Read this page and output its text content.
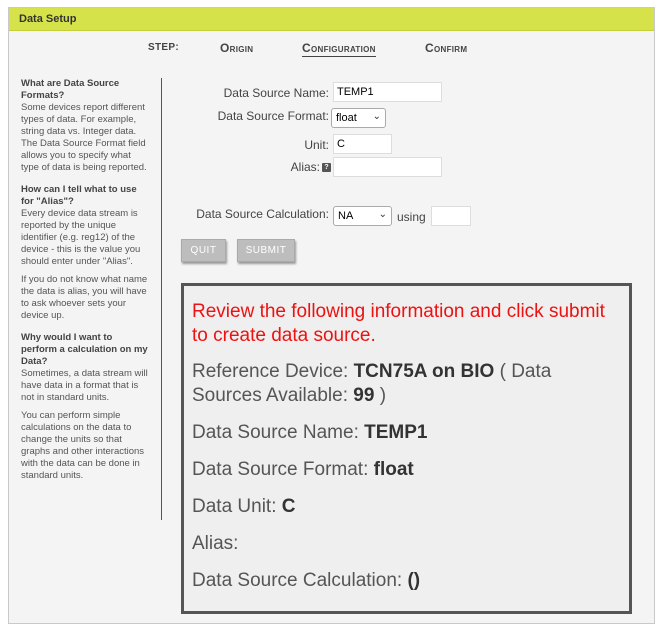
Data Setup
STEP:	Origin	Configuration	Confirm
What are Data Source Formats?

Some devices report different types of data. For example, string data vs. Integer data. The Data Source Format field allows you to specify what type of data is being reported.

How can I tell what to use for "Alias"?

Every device data stream is reported by the unique identifier (e.g. reg12) of the device - this is the value you should enter under "Alias".

If you do not know what name the data is alias, you will have to ask whoever sets your device up.

Why would I want to perform a calculation on my Data?

Sometimes, a data stream will have data in a format that is not in standard units.

You can perform simple calculations on the data to change the units so that graphs and other interactions with the data can be done in standard units.

Data Source Name:
TEMP1
Data Source Format: float ⌄
Unit:
C
Alias: ?
Data Source Calculation: NA	⌄ using
QUIT	SUBMIT
Review the following information and click submit to create data source.
Reference Device: TCN75A on BIO ( Data Sources Available: 99 )
Data Source Name: TEMP1
Data Source Format: float
Data Unit: C
Alias:
Data Source Calculation: ()
